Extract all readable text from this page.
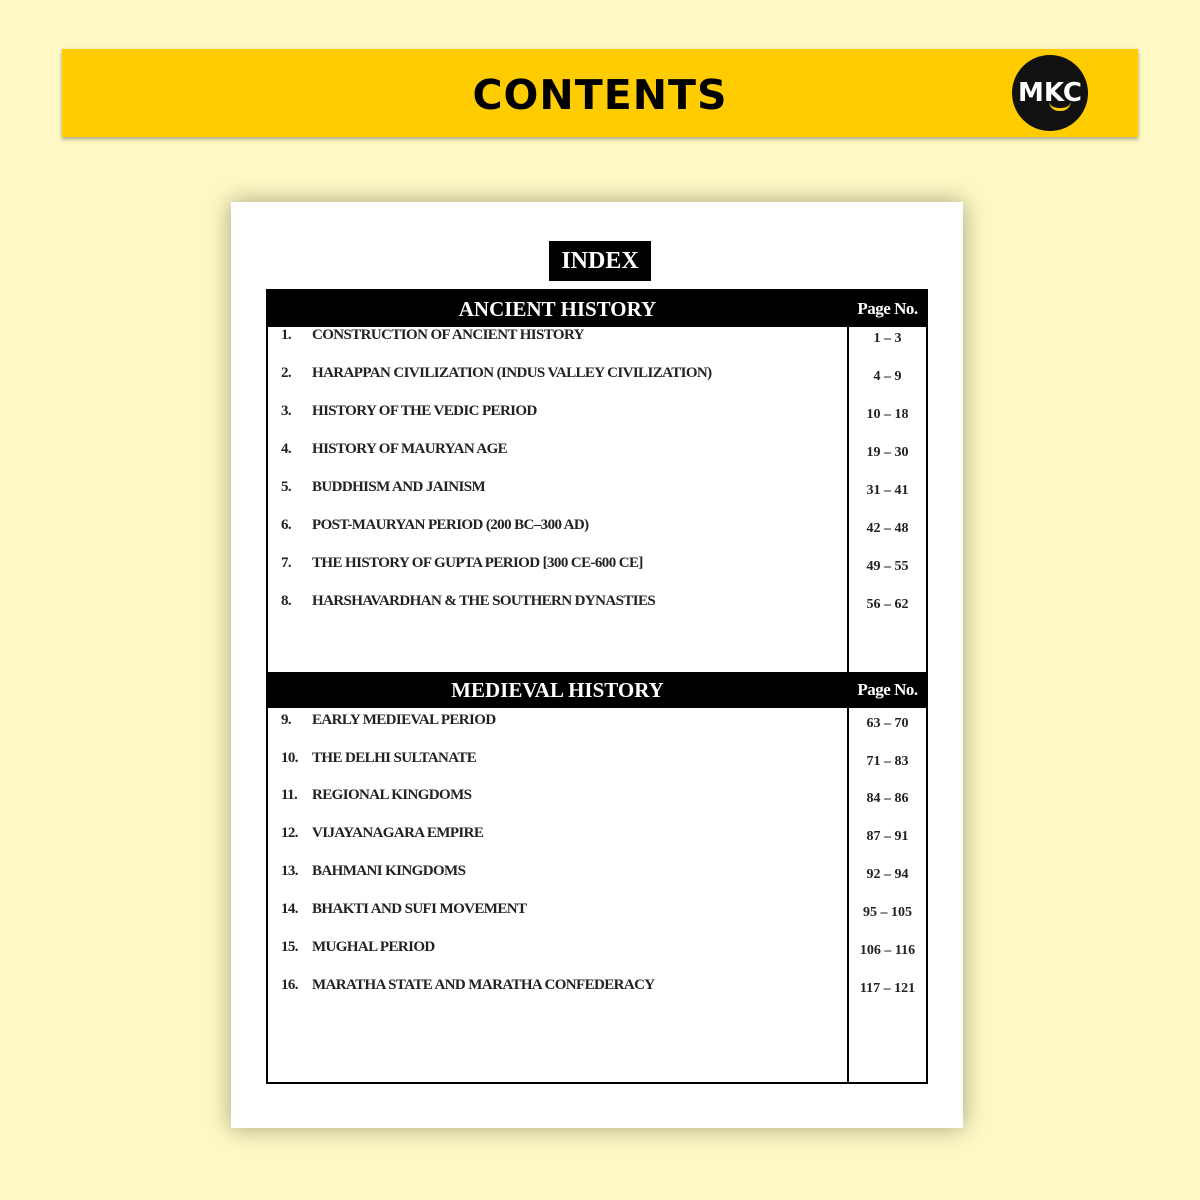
CONTENTS	MKC
INDEX
ANCIENT HISTORY	Page No.
1. CONSTRUCTION OF ANCIENT HISTORY	1 – 3
2. HARAPPAN CIVILIZATION (INDUS VALLEY CIVILIZATION)	4 – 9
3. HISTORY OF THE VEDIC PERIOD	10 – 18
4. HISTORY OF MAURYAN AGE	19 – 30
5. BUDDHISM AND JAINISM	31 – 41
6. POST-MAURYAN PERIOD (200 BC–300 AD)	42 – 48
7. THE HISTORY OF GUPTA PERIOD [300 CE-600 CE]	49 – 55
8. HARSHAVARDHAN & THE SOUTHERN DYNASTIES	56 – 62
MEDIEVAL HISTORY	Page No.
9. EARLY MEDIEVAL PERIOD	63 – 70
10. THE DELHI SULTANATE	71 – 83
11. REGIONAL KINGDOMS	84 – 86
12. VIJAYANAGARA EMPIRE	87 – 91
13. BAHMANI KINGDOMS	92 – 94
14. BHAKTI AND SUFI MOVEMENT	95 – 105
15. MUGHAL PERIOD	106 – 116
16. MARATHA STATE AND MARATHA CONFEDERACY	117 – 121
